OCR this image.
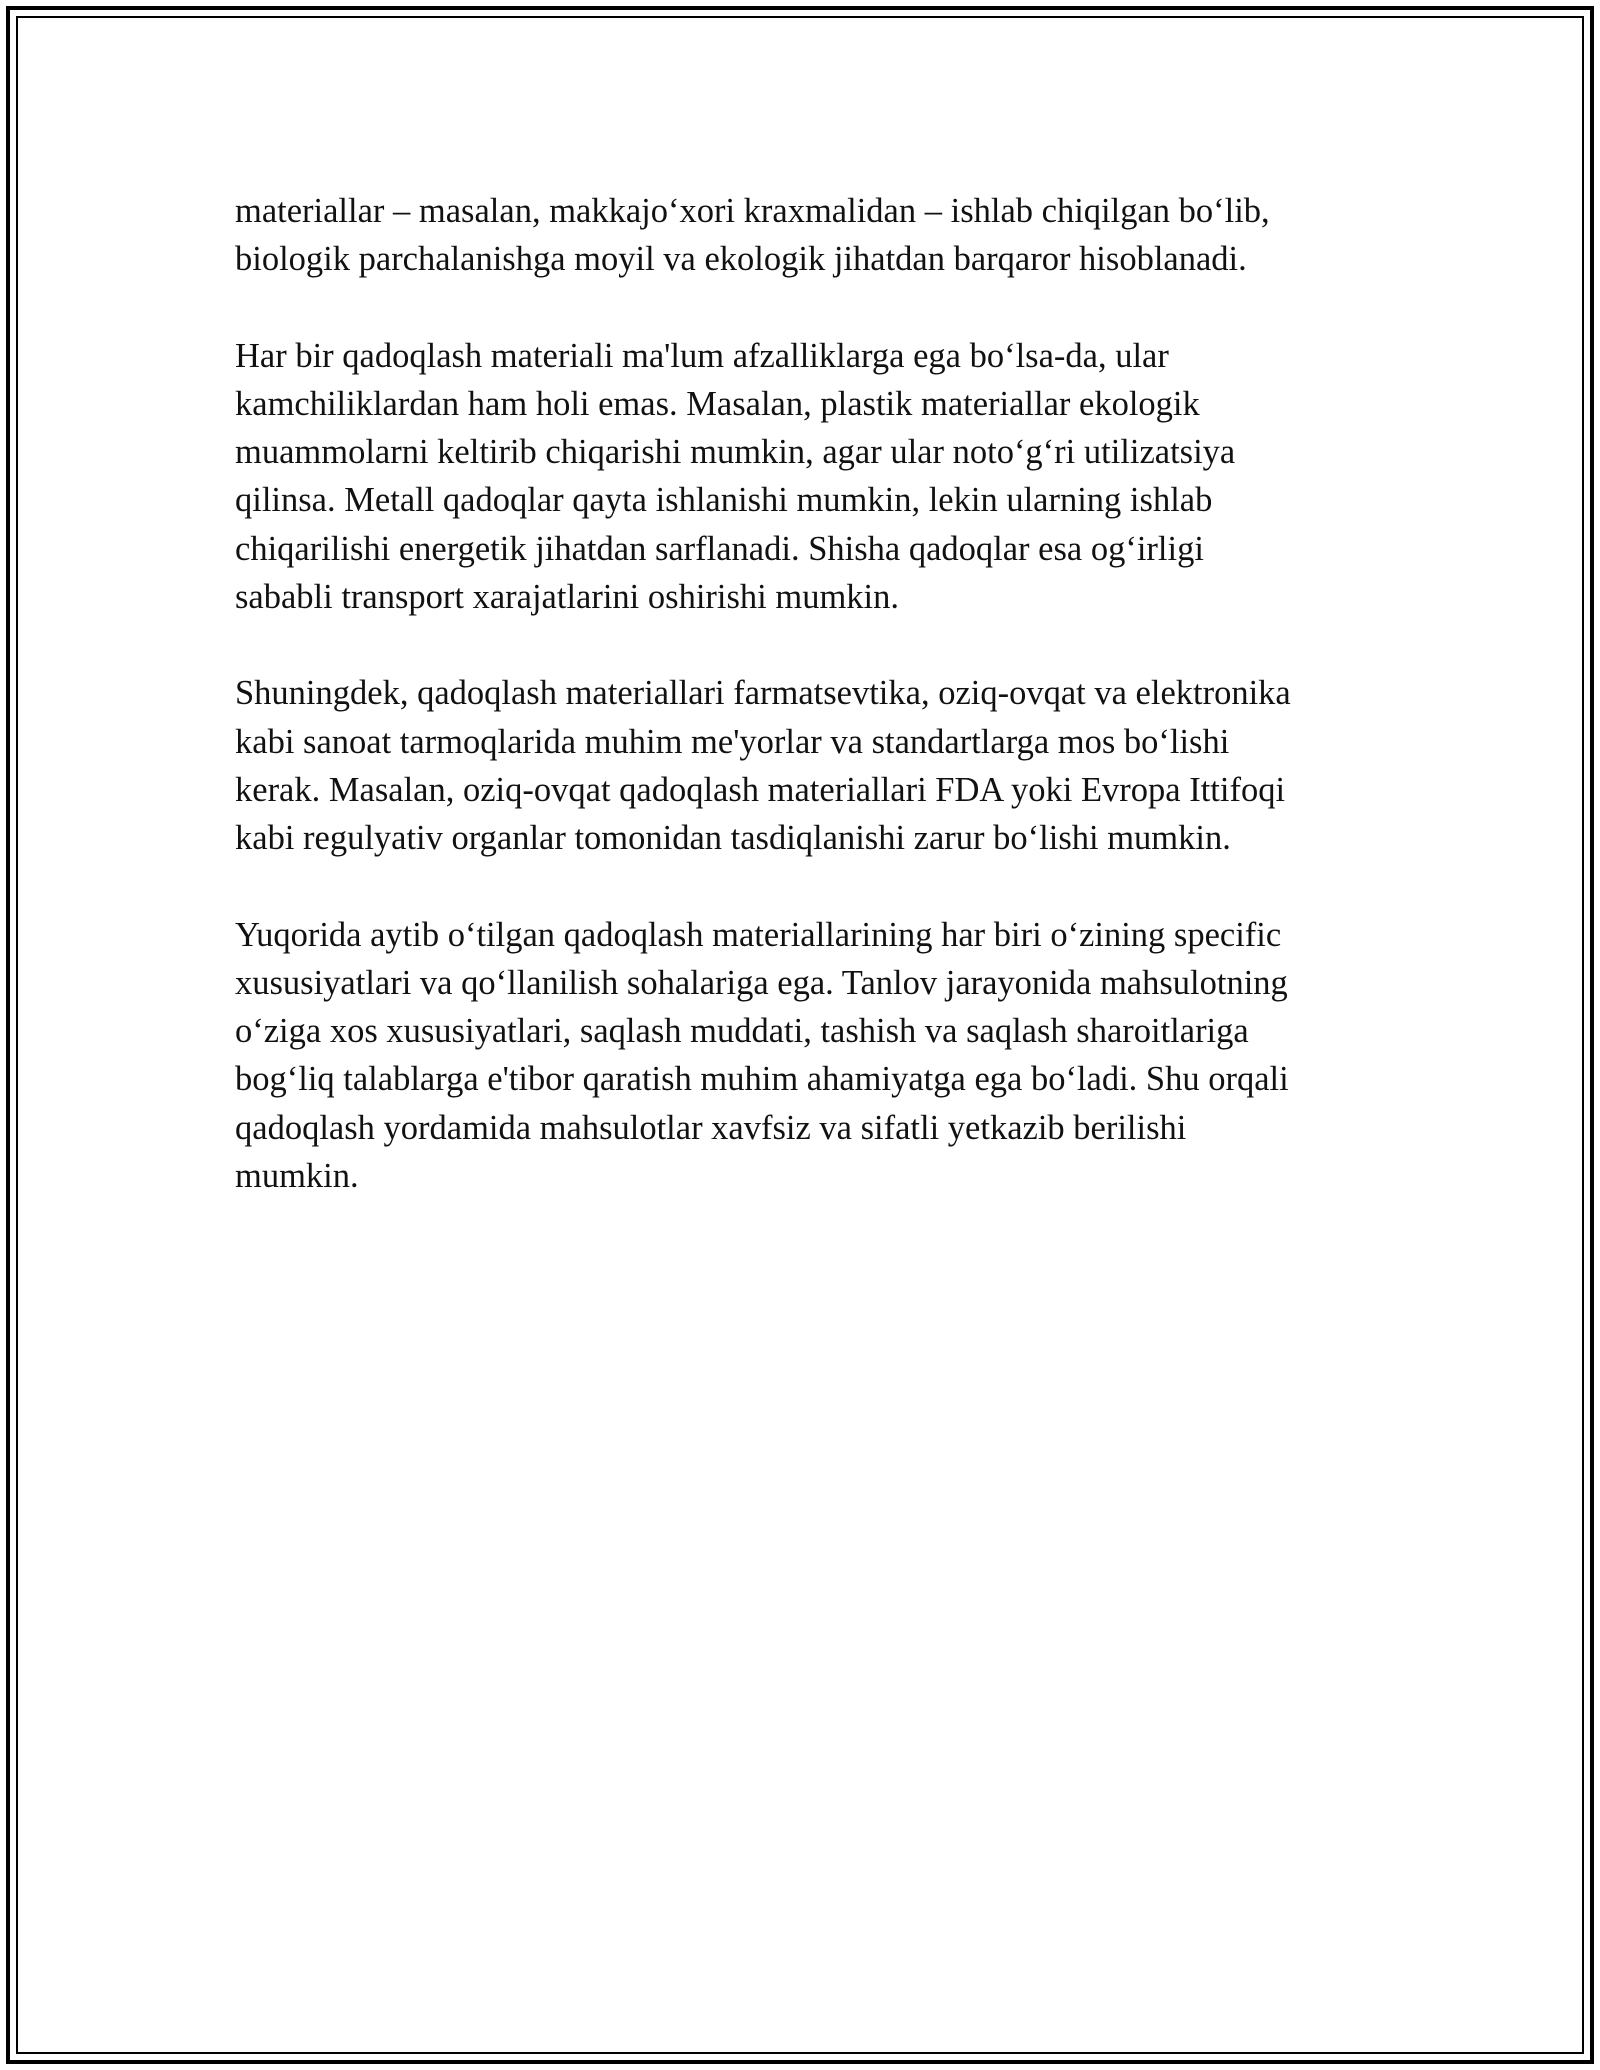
materiallar – masalan, makkajo‘xori kraxmalidan – ishlab chiqilgan bo‘lib,
biologik parchalanishga moyil va ekologik jihatdan barqaror hisoblanadi.

Har bir qadoqlash materiali ma'lum afzalliklarga ega bo‘lsa-da, ular
kamchiliklardan ham holi emas. Masalan, plastik materiallar ekologik
muammolarni keltirib chiqarishi mumkin, agar ular noto‘g‘ri utilizatsiya
qilinsa. Metall qadoqlar qayta ishlanishi mumkin, lekin ularning ishlab
chiqarilishi energetik jihatdan sarflanadi. Shisha qadoqlar esa og‘irligi
sababli transport xarajatlarini oshirishi mumkin.

Shuningdek, qadoqlash materiallari farmatsevtika, oziq-ovqat va elektronika
kabi sanoat tarmoqlarida muhim me'yorlar va standartlarga mos bo‘lishi
kerak. Masalan, oziq-ovqat qadoqlash materiallari FDA yoki Evropa Ittifoqi
kabi regulyativ organlar tomonidan tasdiqlanishi zarur bo‘lishi mumkin.

Yuqorida aytib o‘tilgan qadoqlash materiallarining har biri o‘zining specific
xususiyatlari va qo‘llanilish sohalariga ega. Tanlov jarayonida mahsulotning
o‘ziga xos xususiyatlari, saqlash muddati, tashish va saqlash sharoitlariga
bog‘liq talablarga e'tibor qaratish muhim ahamiyatga ega bo‘ladi. Shu orqali
qadoqlash yordamida mahsulotlar xavfsiz va sifatli yetkazib berilishi
mumkin.
